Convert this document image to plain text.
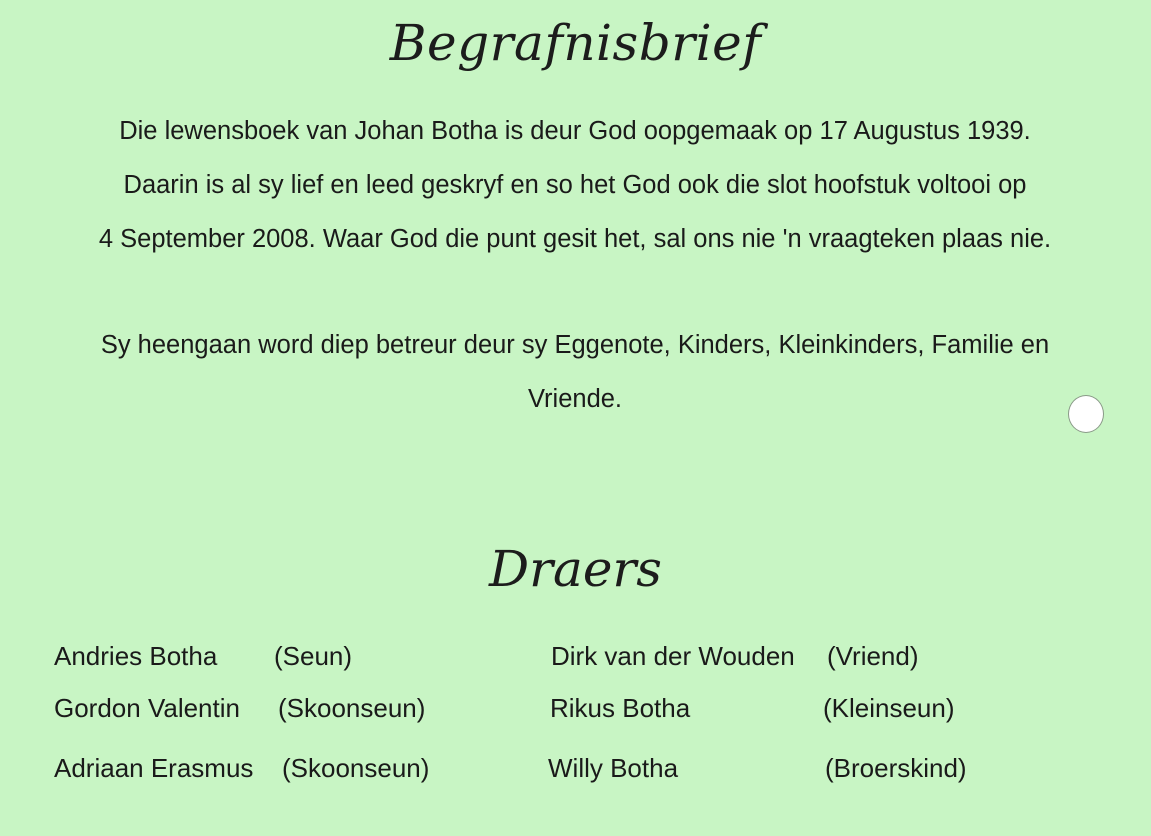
Begrafnisbrief
Die lewensboek van Johan Botha is deur God oopgemaak op 17 Augustus 1939.
Daarin is al sy lief en leed geskryf en so het God ook die slot hoofstuk voltooi op
4 September 2008. Waar God die punt gesit het, sal ons nie 'n vraagteken plaas nie.
Sy heengaan word diep betreur deur sy Eggenote, Kinders, Kleinkinders, Familie en
Vriende.
Draers
Andries Botha (Seun)
Gordon Valentin (Skoonseun)
Adriaan Erasmus (Skoonseun)
Dirk van der Wouden (Vriend)
Rikus Botha	(Kleinseun)
Willy Botha	(Broerskind)
